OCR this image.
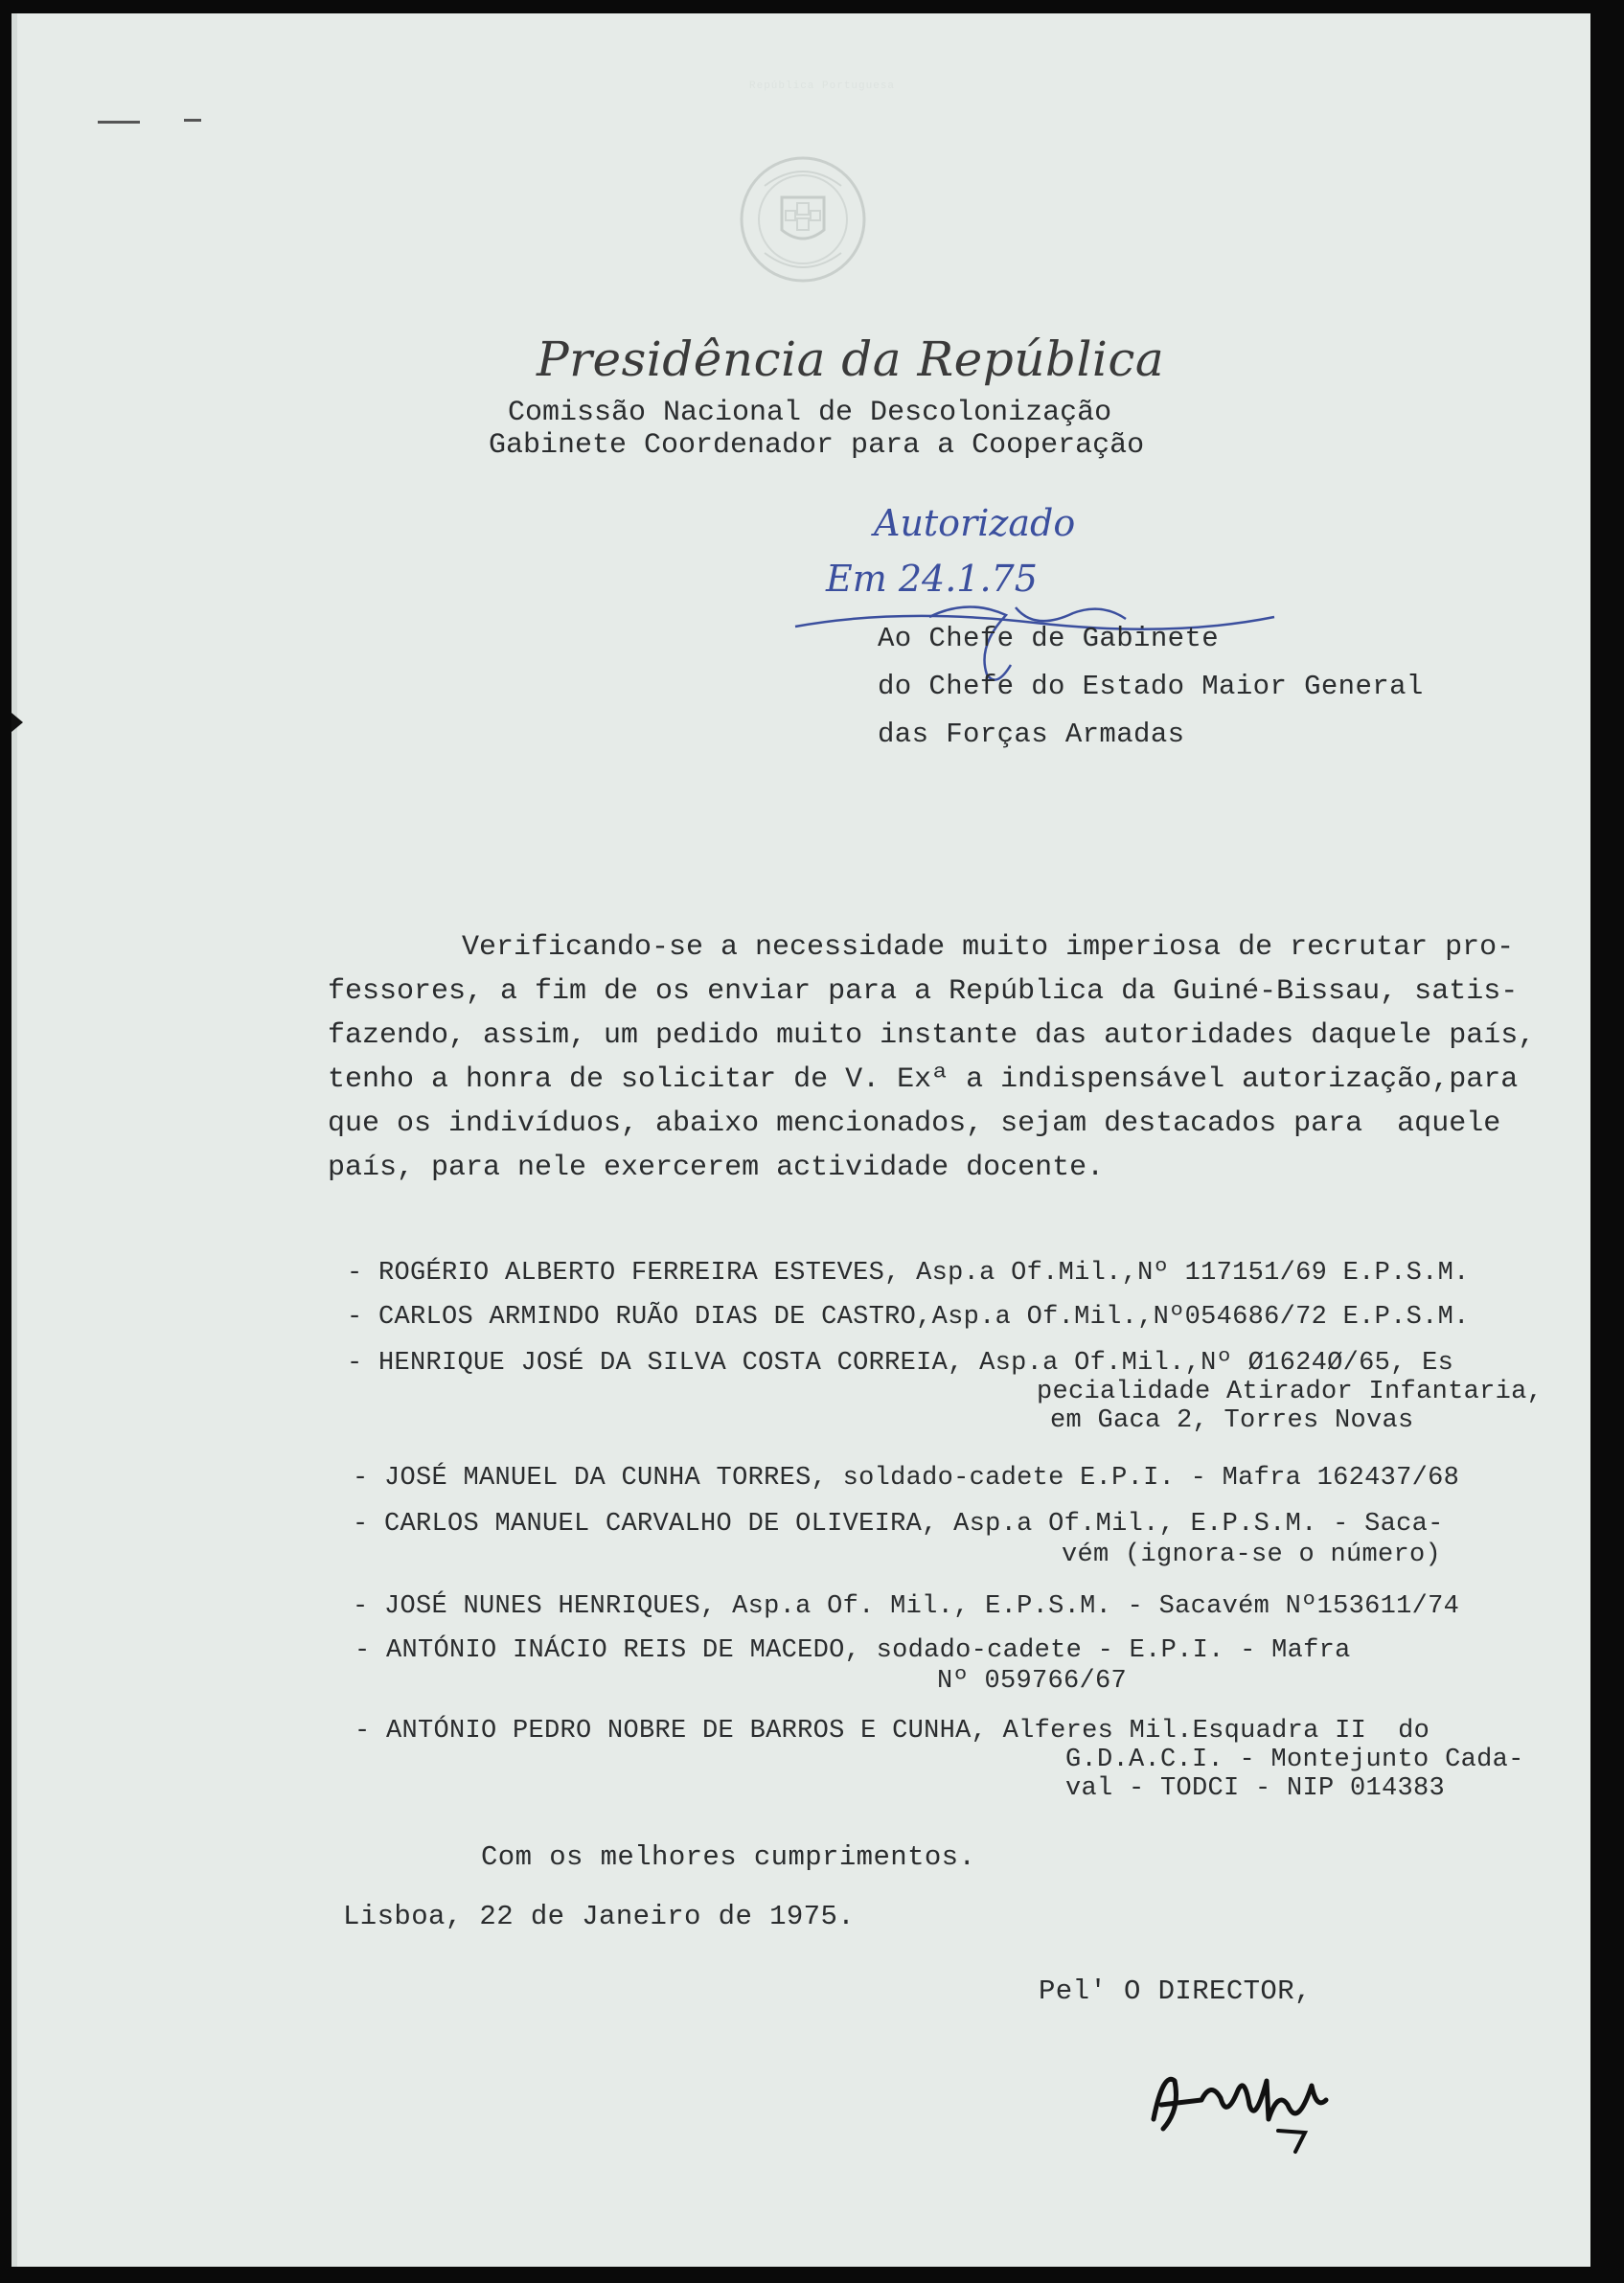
República Portuguesa
Presidência da República
Comissão Nacional de Descolonização
Gabinete Coordenador para a Cooperação
Autorizado
Em 24.1.75
Ao Chefe de Gabinete
do Chefe do Estado Maior General
das Forças Armadas
Verificando-se a necessidade muito imperiosa de recrutar pro-
fessores, a fim de os enviar para a República da Guiné-Bissau, satis-
fazendo, assim, um pedido muito instante das autoridades daquele país,
tenho a honra de solicitar de V. Exª a indispensável autorização,para
que os indivíduos, abaixo mencionados, sejam destacados para  aquele
país, para nele exercerem actividade docente.
- ROGÉRIO ALBERTO FERREIRA ESTEVES, Asp.a Of.Mil.,Nº 117151/69 E.P.S.M.
- CARLOS ARMINDO RUÃO DIAS DE CASTRO,Asp.a Of.Mil.,Nº054686/72 E.P.S.M.
- HENRIQUE JOSÉ DA SILVA COSTA CORREIA, Asp.a Of.Mil.,Nº Ø1624Ø/65, Es
pecialidade Atirador Infantaria,
em Gaca 2, Torres Novas
- JOSÉ MANUEL DA CUNHA TORRES, soldado-cadete E.P.I. - Mafra 162437/68
- CARLOS MANUEL CARVALHO DE OLIVEIRA, Asp.a Of.Mil., E.P.S.M. - Saca-
vém (ignora-se o número)
- JOSÉ NUNES HENRIQUES, Asp.a Of. Mil., E.P.S.M. - Sacavém Nº153611/74
- ANTÓNIO INÁCIO REIS DE MACEDO, sodado-cadete - E.P.I. - Mafra
Nº 059766/67
- ANTÓNIO PEDRO NOBRE DE BARROS E CUNHA, Alferes Mil.Esquadra II  do
G.D.A.C.I. - Montejunto Cada-
val - TODCI - NIP 014383
Com os melhores cumprimentos.
Lisboa, 22 de Janeiro de 1975.
Pel' O DIRECTOR,
